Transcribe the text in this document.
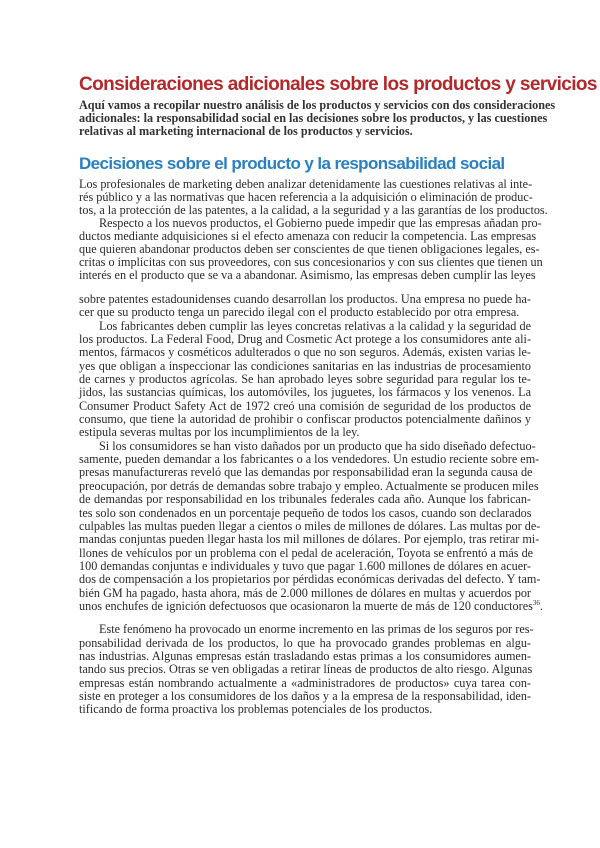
Consideraciones adicionales sobre los productos y servicios
Aquí vamos a recopilar nuestro análisis de los productos y servicios con dos consideraciones
adicionales: la responsabilidad social en las decisiones sobre los productos, y las cuestiones
relativas al marketing internacional de los productos y servicios.
Decisiones sobre el producto y la responsabilidad social
Los profesionales de marketing deben analizar detenidamente las cuestiones relativas al inte-
rés público y a las normativas que hacen referencia a la adquisición o eliminación de produc-
tos, a la protección de las patentes, a la calidad, a la seguridad y a las garantías de los productos.
Respecto a los nuevos productos, el Gobierno puede impedir que las empresas añadan pro-
ductos mediante adquisiciones si el efecto amenaza con reducir la competencia. Las empresas
que quieren abandonar productos deben ser conscientes de que tienen obligaciones legales, es-
critas o implícitas con sus proveedores, con sus concesionarios y con sus clientes que tienen un
interés en el producto que se va a abandonar. Asimismo, las empresas deben cumplir las leyes
sobre patentes estadounidenses cuando desarrollan los productos. Una empresa no puede ha-
cer que su producto tenga un parecido ilegal con el producto establecido por otra empresa.
Los fabricantes deben cumplir las leyes concretas relativas a la calidad y la seguridad de
los productos. La Federal Food, Drug and Cosmetic Act protege a los consumidores ante ali-
mentos, fármacos y cosméticos adulterados o que no son seguros. Además, existen varias le-
yes que obligan a inspeccionar las condiciones sanitarias en las industrias de procesamiento
de carnes y productos agrícolas. Se han aprobado leyes sobre seguridad para regular los te-
jidos, las sustancias químicas, los automóviles, los juguetes, los fármacos y los venenos. La
Consumer Product Safety Act de 1972 creó una comisión de seguridad de los productos de
consumo, que tiene la autoridad de prohibir o confiscar productos potencialmente dañinos y
estipula severas multas por los incumplimientos de la ley.
Si los consumidores se han visto dañados por un producto que ha sido diseñado defectuo-
samente, pueden demandar a los fabricantes o a los vendedores. Un estudio reciente sobre em-
presas manufactureras reveló que las demandas por responsabilidad eran la segunda causa de
preocupación, por detrás de demandas sobre trabajo y empleo. Actualmente se producen miles
de demandas por responsabilidad en los tribunales federales cada año. Aunque los fabrican-
tes solo son condenados en un porcentaje pequeño de todos los casos, cuando son declarados
culpables las multas pueden llegar a cientos o miles de millones de dólares. Las multas por de-
mandas conjuntas pueden llegar hasta los mil millones de dólares. Por ejemplo, tras retirar mi-
llones de vehículos por un problema con el pedal de aceleración, Toyota se enfrentó a más de
100 demandas conjuntas e individuales y tuvo que pagar 1.600 millones de dólares en acuer-
dos de compensación a los propietarios por pérdidas económicas derivadas del defecto. Y tam-
bién GM ha pagado, hasta ahora, más de 2.000 millones de dólares en multas y acuerdos por
unos enchufes de ignición defectuosos que ocasionaron la muerte de más de 120 conductores$^{36}$.
Este fenómeno ha provocado un enorme incremento en las primas de los seguros por res-
ponsabilidad derivada de los productos, lo que ha provocado grandes problemas en algu-
nas industrias. Algunas empresas están trasladando estas primas a los consumidores aumen-
tando sus precios. Otras se ven obligadas a retirar líneas de productos de alto riesgo. Algunas
empresas están nombrando actualmente a «administradores de productos» cuya tarea con-
siste en proteger a los consumidores de los daños y a la empresa de la responsabilidad, iden-
tificando de forma proactiva los problemas potenciales de los productos.
